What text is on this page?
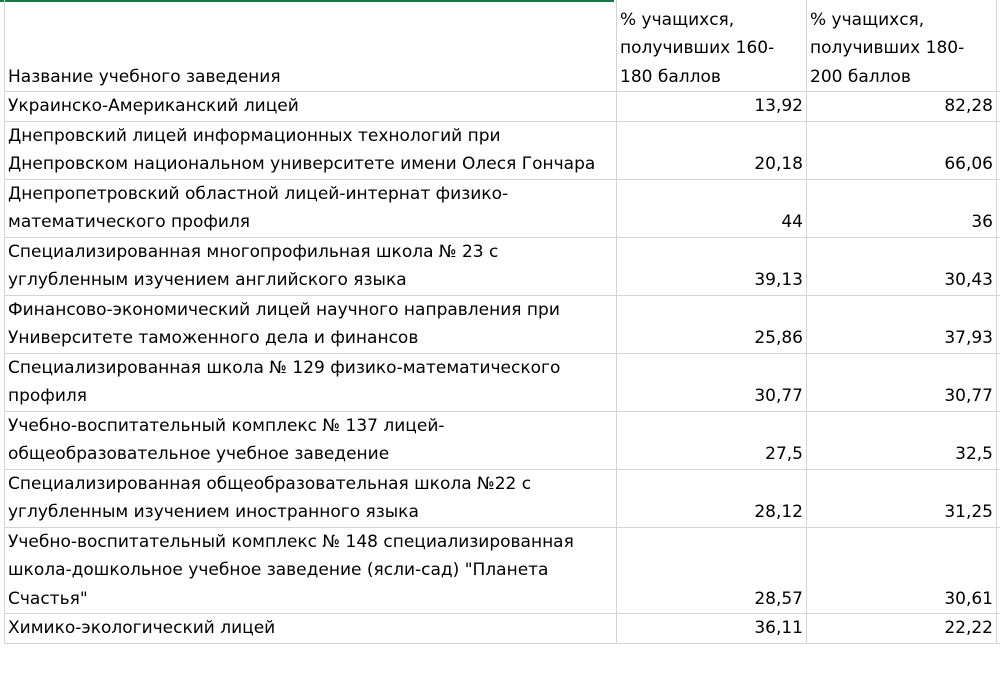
Название учебного заведения	% учащихся, получивших 160-180 баллов	% учащихся, получивших 180-200 баллов	
Украинско-Американский лицей	13,92	82,28	
Днепровский лицей информационных технологий при Днепровском национальном университете имени Олеся Гончара	20,18	66,06	
Днепропетровский областной лицей-интернат физико-математического профиля	44	36	
Специализированная многопрофильная школа № 23 с углубленным изучением английского языка	39,13	30,43	
Финансово-экономический лицей научного направления при Университете таможенного дела и финансов	25,86	37,93	
Специализированная школа № 129 физико-математического профиля	30,77	30,77	
Учебно-воспитательный комплекс № 137 лицей-общеобразовательное учебное заведение	27,5	32,5	
Специализированная общеобразовательная школа №22 с углубленным изучением иностранного языка	28,12	31,25	
Учебно-воспитательный комплекс № 148 специализированная школа-дошкольное учебное заведение (ясли-сад) "Планета Счастья"	28,57	30,61	
Химико-экологический лицей	36,11	22,22	
